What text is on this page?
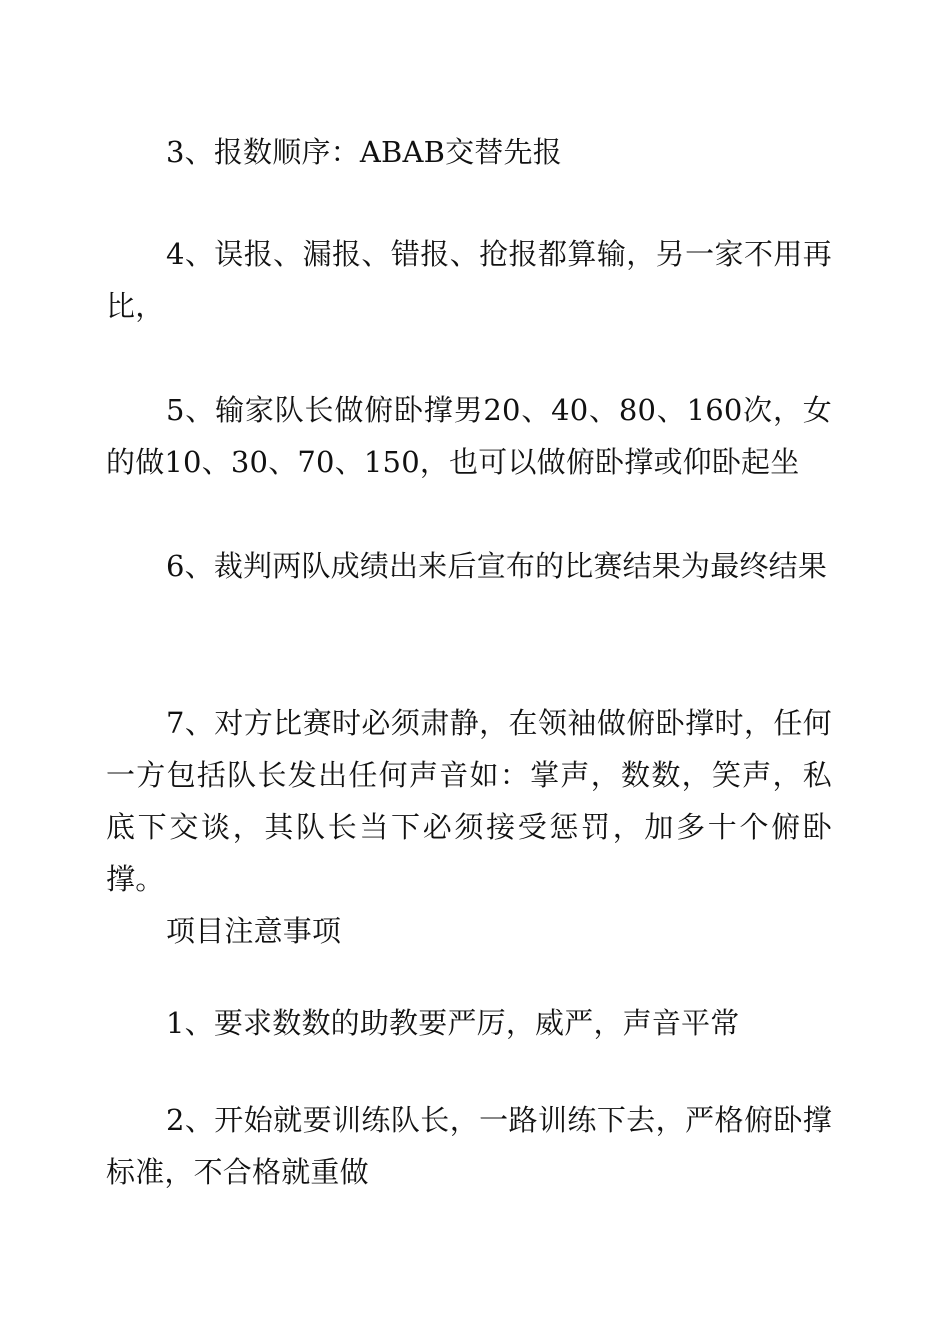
3、报数顺序：ABAB交替先报

4、误报、漏报、错报、抢报都算输，另一家不用再比，

5、输家队长做俯卧撑男20、40、80、160次，女的做10、30、70、150，也可以做俯卧撑或仰卧起坐

6、裁判两队成绩出来后宣布的比赛结果为最终结果

7、对方比赛时必须肃静，在领袖做俯卧撑时，任何一方包括队长发出任何声音如：掌声，数数，笑声，私底下交谈，其队长当下必须接受惩罚，加多十个俯卧撑。

项目注意事项

1、要求数数的助教要严厉，威严，声音平常

2、开始就要训练队长，一路训练下去，严格俯卧撑标准，不合格就重做
